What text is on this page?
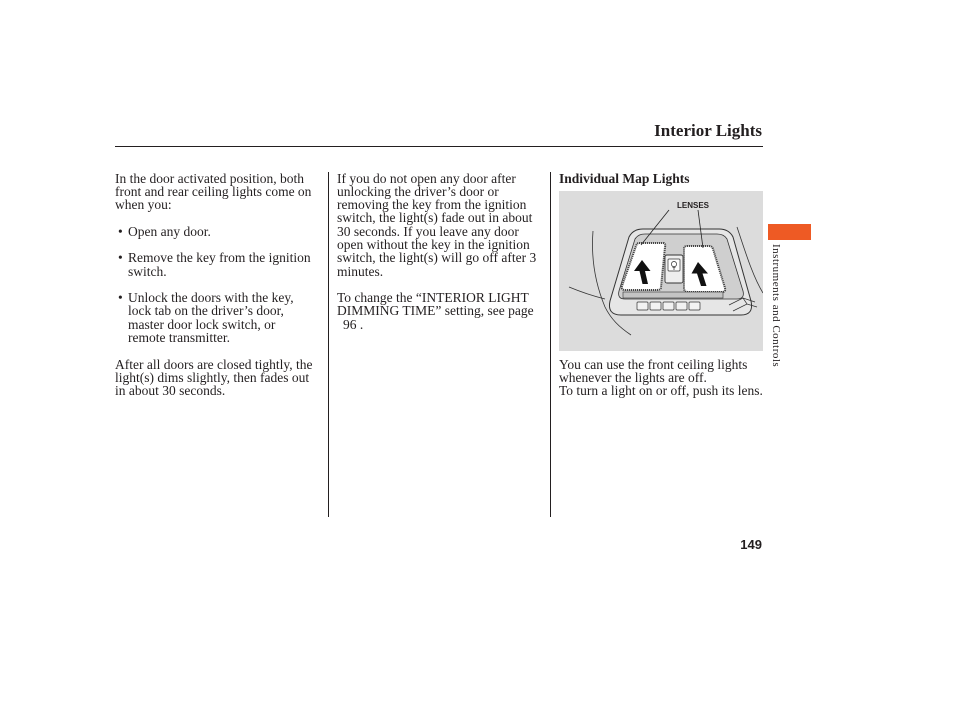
Interior Lights

In the door activated position, both
front and rear ceiling lights come on
when you:

• Open any door.

• Remove the key from the ignition
switch.

• Unlock the doors with the key,
lock tab on the driver’s door,
master door lock switch, or
remote transmitter.

After all doors are closed tightly, the
light(s) dims slightly, then fades out
in about 30 seconds.

If you do not open any door after
unlocking the driver’s door or
removing the key from the ignition
switch, the light(s) fade out in about
30 seconds. If you leave any door
open without the key in the ignition
switch, the light(s) will go off after 3
minutes.

To change the “INTERIOR LIGHT
DIMMING TIME” setting, see page

96 .

Individual Map Lights

LENSES

You can use the front ceiling lights
whenever the lights are off.

To turn a light on or off, push its lens.

Instruments and Controls
149
